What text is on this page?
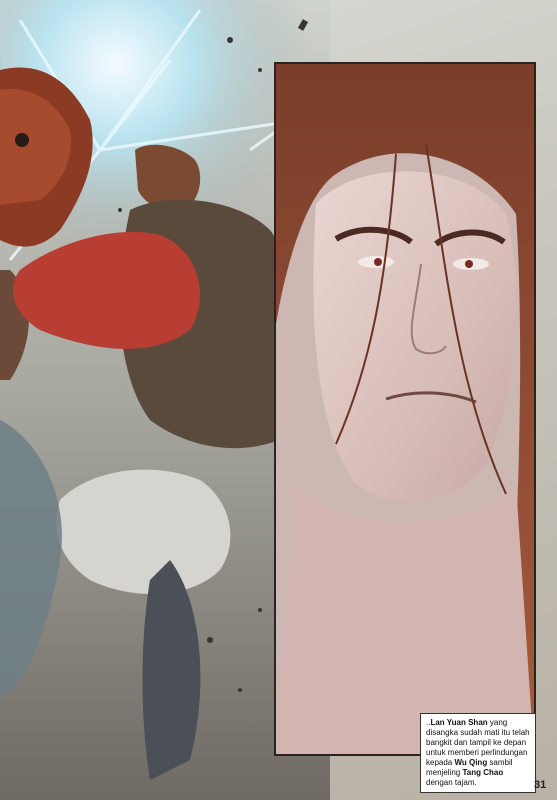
..Lan Yuan Shan yang disangka sudah mati itu telah bangkit dan tampil ke depan untuk memberi perlindungan kepada Wu Qing sambil menjeling Tang Chao dengan tajam.	31
